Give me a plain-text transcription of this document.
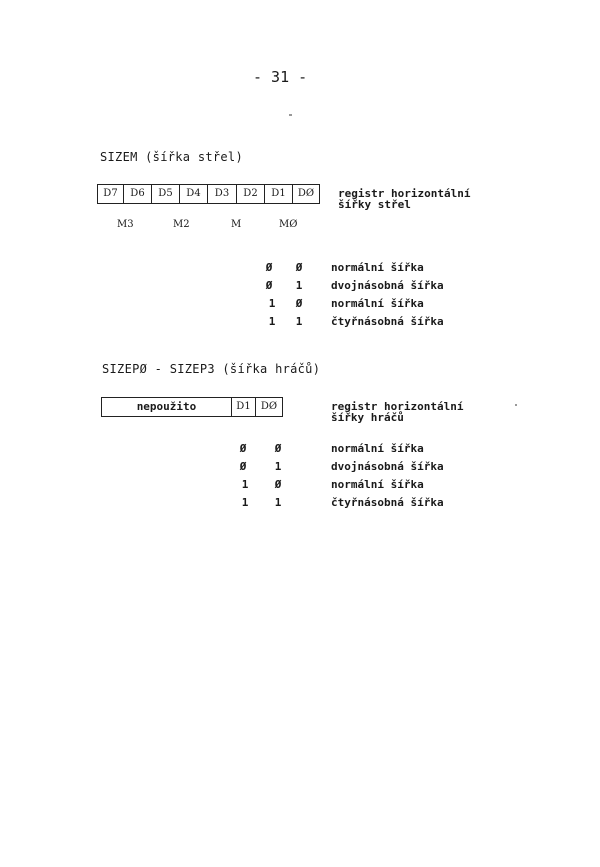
- 31 -
SIZEM (šířka střel)
D7	D6	D5	D4	D3	D2	D1	DØ
M3	M2	M	MØ
registr horizontální
šířky střel
Ø	Ø	normální šířka
Ø	1	dvojnásobná šířka
1	Ø	normální šířka
1	1	čtyřnásobná šířka
SIZEPØ - SIZEP3 (šířka hráčů)
nepoužito	D1	DØ	registr horizontální
šířky hráčů
Ø	Ø	normální šířka
Ø	1	dvojnásobná šířka
1	Ø	normální šířka
1	1	čtyřnásobná šířka
